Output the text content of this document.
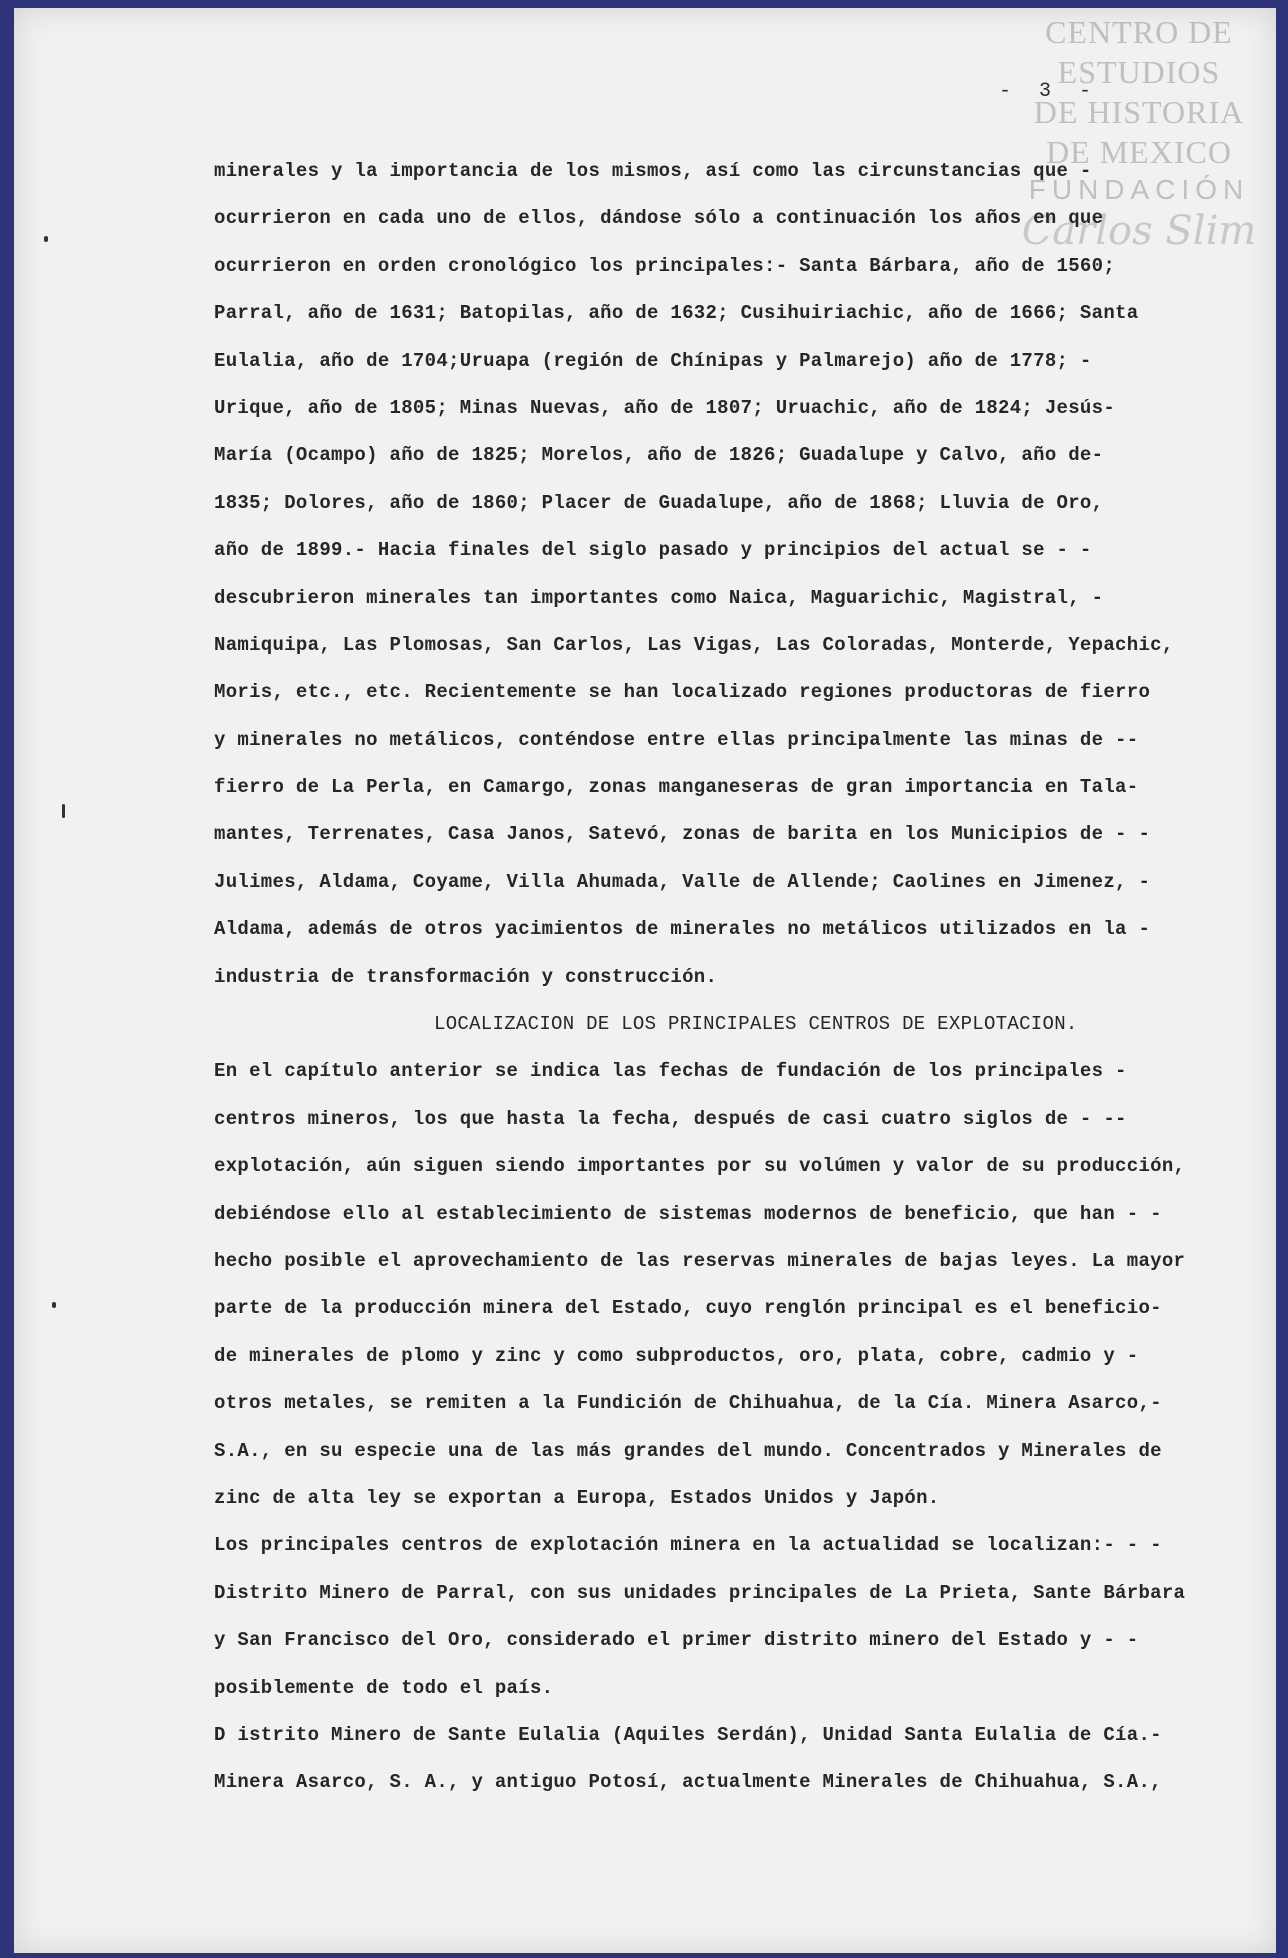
CENTRO DE
ESTUDIOS
DE HISTORIA
DE MEXICO
FUNDACIÓN
Carlos Slim
- 3 -
minerales y la importancia de los mismos, así como las circunstancias que -
ocurrieron en cada uno de ellos, dándose sólo a continuación los años en que
ocurrieron en orden cronológico los principales:- Santa Bárbara, año de 1560;
Parral, año de 1631; Batopilas, año de 1632; Cusihuiriachic, año de 1666; Santa
Eulalia, año de 1704;Uruapa (región de Chínipas y Palmarejo) año de 1778; -
Urique, año de 1805; Minas Nuevas, año de 1807; Uruachic, año de 1824; Jesús-
María (Ocampo) año de 1825; Morelos, año de 1826; Guadalupe y Calvo, año de-
1835; Dolores, año de 1860; Placer de Guadalupe, año de 1868; Lluvia de Oro,
año de 1899.- Hacia finales del siglo pasado y principios del actual se - -
descubrieron minerales tan importantes como Naica, Maguarichic, Magistral, -
Namiquipa, Las Plomosas, San Carlos, Las Vigas, Las Coloradas, Monterde, Yepachic,
Moris, etc., etc. Recientemente se han localizado regiones productoras de fierro
y minerales no metálicos, conténdose entre ellas principalmente las minas de --
fierro de La Perla, en Camargo, zonas manganeseras de gran importancia en Tala-
mantes, Terrenates, Casa Janos, Satevó, zonas de barita en los Municipios de - -
Julimes, Aldama, Coyame, Villa Ahumada, Valle de Allende; Caolines en Jimenez, -
Aldama, además de otros yacimientos de minerales no metálicos utilizados en la -
industria de transformación y construcción.
LOCALIZACION DE LOS PRINCIPALES CENTROS DE EXPLOTACION.
En el capítulo anterior se indica las fechas de fundación de los principales -
centros mineros, los que hasta la fecha, después de casi cuatro siglos de - --
explotación, aún siguen siendo importantes por su volúmen y valor de su producción,
debiéndose ello al establecimiento de sistemas modernos de beneficio, que han - -
hecho posible el aprovechamiento de las reservas minerales de bajas leyes. La mayor
parte de la producción minera del Estado, cuyo renglón principal es el beneficio-
de minerales de plomo y zinc y como subproductos, oro, plata, cobre, cadmio y -
otros metales, se remiten a la Fundición de Chihuahua, de la Cía. Minera Asarco,-
S.A., en su especie una de las más grandes del mundo. Concentrados y Minerales de
zinc de alta ley se exportan a Europa, Estados Unidos y Japón.
Los principales centros de explotación minera en la actualidad se localizan:- - -
Distrito Minero de Parral, con sus unidades principales de La Prieta, Sante Bárbara
y San Francisco del Oro, considerado el primer distrito minero del Estado y - -
posiblemente de todo el país.
D istrito Minero de Sante Eulalia (Aquiles Serdán), Unidad Santa Eulalia de Cía.-
Minera Asarco, S. A., y antiguo Potosí, actualmente Minerales de Chihuahua, S.A.,
